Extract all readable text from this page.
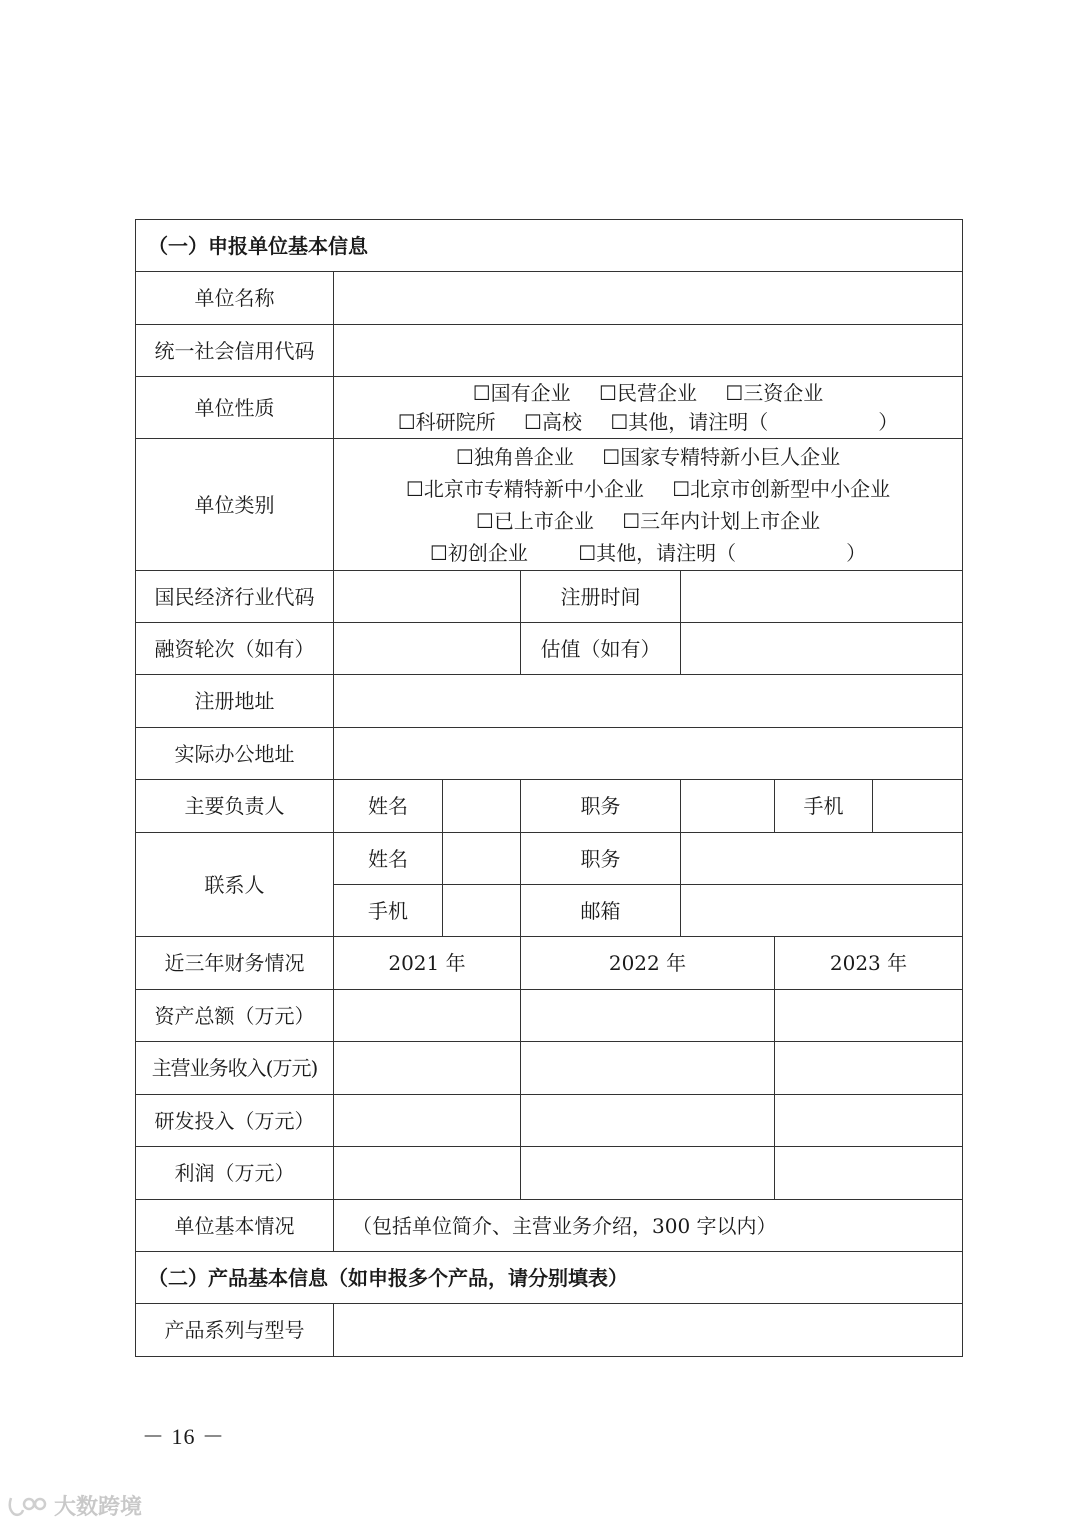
（一）申报单位基本信息						
单位名称						
统一社会信用代码						
单位性质	☐国有企业 ☐民营企业 ☐三资企业
☐科研院所 ☐高校 ☐其他，请注明（ ）					

单位类别	☐独角兽企业 ☐国家专精特新小巨人企业
☐北京市专精特新中小企业 ☐北京市创新型中小企业
☐已上市企业 ☐三年内计划上市企业
☐初创企业 ☐其他，请注明（ ）					

国民经济行业代码			注册时间			
融资轮次（如有）			估值（如有）			
注册地址						
实际办公地址						
主要负责人	姓名		职务		手机	
联系人	姓名		职务			
	手机		邮箱			
近三年财务情况	2021 年		2022 年		2023 年	
资产总额（万元）						
主营业务收入(万元)						
研发投入（万元）						
利润（万元）						
单位基本情况	（包括单位简介、主营业务介绍，300 字以内）					
（二）产品基本信息（如申报多个产品，请分别填表）						
产品系列与型号						
－ 16 －
大数跨境
